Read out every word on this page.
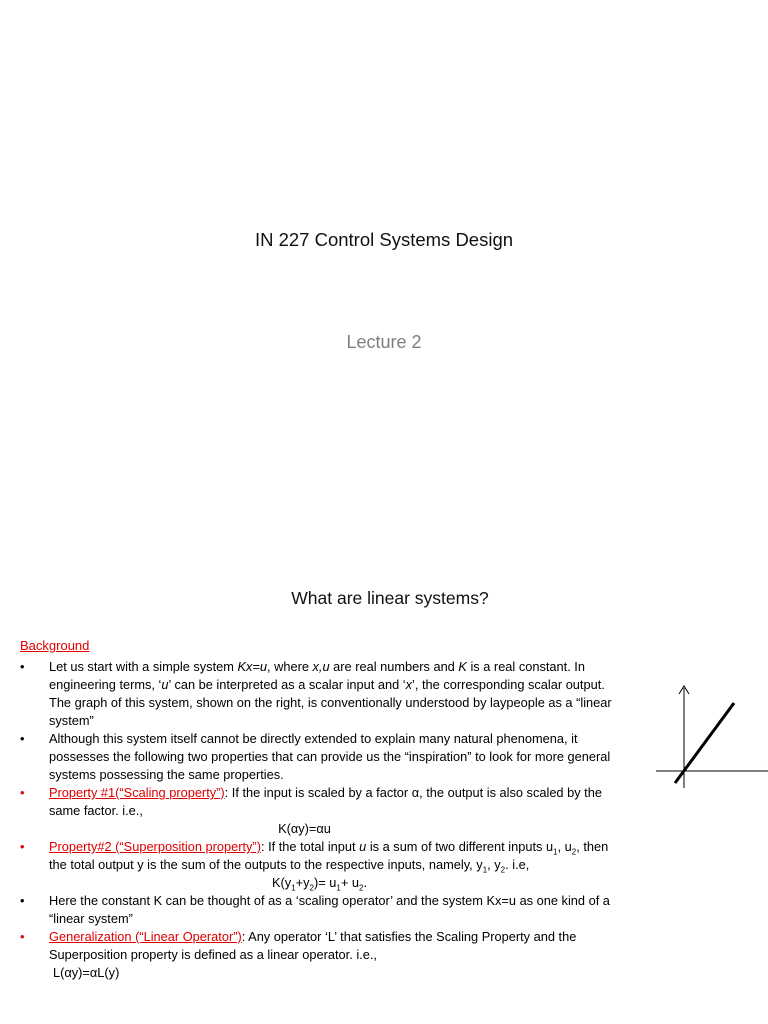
IN 227 Control Systems Design
Lecture 2
What are linear systems?
Background
• Let us start with a simple system Kx=u, where x,u are real numbers and K is a real constant. In engineering terms, ‘u’ can be interpreted as a scalar input and ‘x’, the corresponding scalar output. The graph of this system, shown on the right, is conventionally understood by laypeople as a “linear system”
• Although this system itself cannot be directly extended to explain many natural phenomena, it possesses the following two properties that can provide us the “inspiration” to look for more general systems possessing the same properties.
• Property #1(“Scaling property”): If the input is scaled by a factor α, the output is also scaled by the same factor. i.e.,
K(αy)=αu
• Property#2 (“Superposition property”): If the total input u is a sum of two different inputs $u_1$, $u_2$, then the total output y is the sum of the outputs to the respective inputs, namely, $y_1$, $y_2$. i.e,
$K(y_1+y_2)= u_1+ u_2$.
• Here the constant K can be thought of as a ‘scaling operator’ and the system Kx=u as one kind of a “linear system”
• Generalization (“Linear Operator”): Any operator ‘L’ that satisfies the Scaling Property and the Superposition property is defined as a linear operator. i.e.,
L(αy)=αL(y)
